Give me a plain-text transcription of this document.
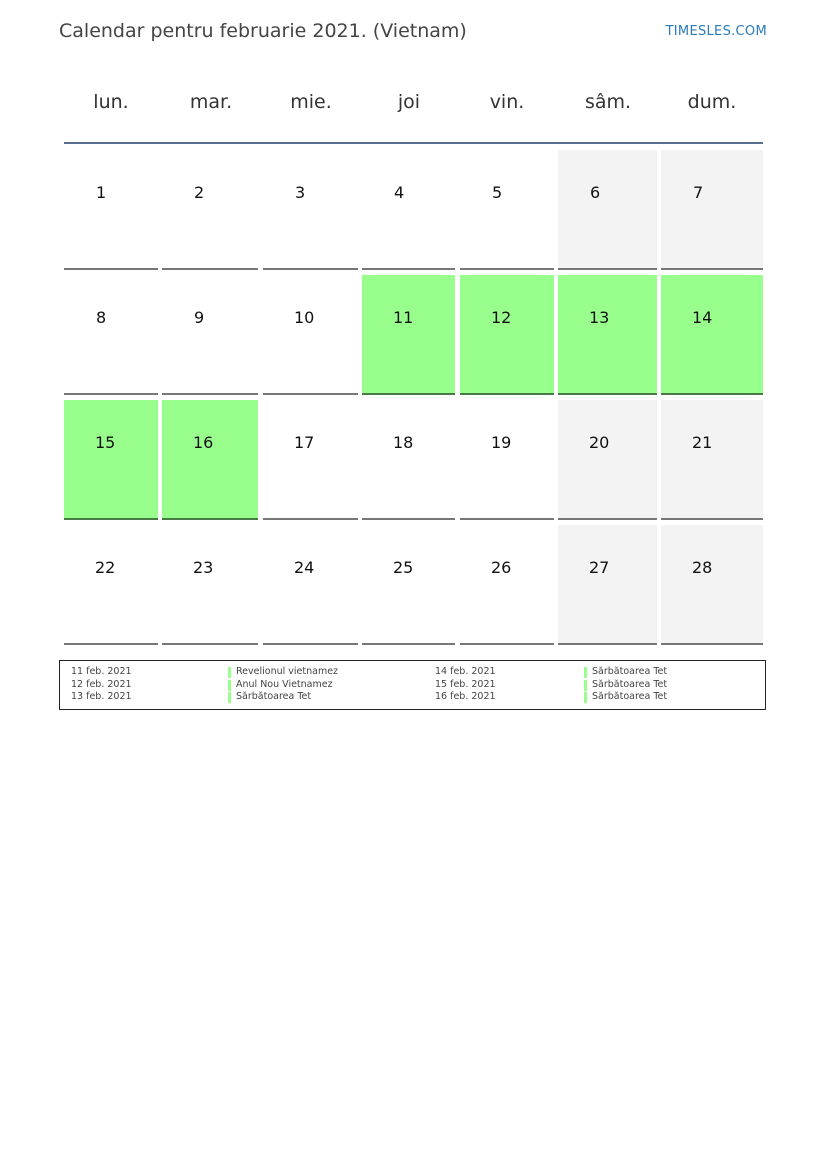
Calendar pentru februarie 2021. (Vietnam)	TIMESLES.COM
1	2	3	4	5	6	7
8	9	10	11	12	13	14
15	16	17	18	19	20	21
22	23	24	25	26	27	28
11 feb. 2021	Revelionul vietnamez
12 feb. 2021	Anul Nou Vietnamez
13 feb. 2021	Sărbătoarea Tet
14 feb. 2021	Sărbătoarea Tet
15 feb. 2021	Sărbătoarea Tet
16 feb. 2021	Sărbătoarea Tet
lun.	mar.	mie.	joi	vin.	sâm.	dum.
